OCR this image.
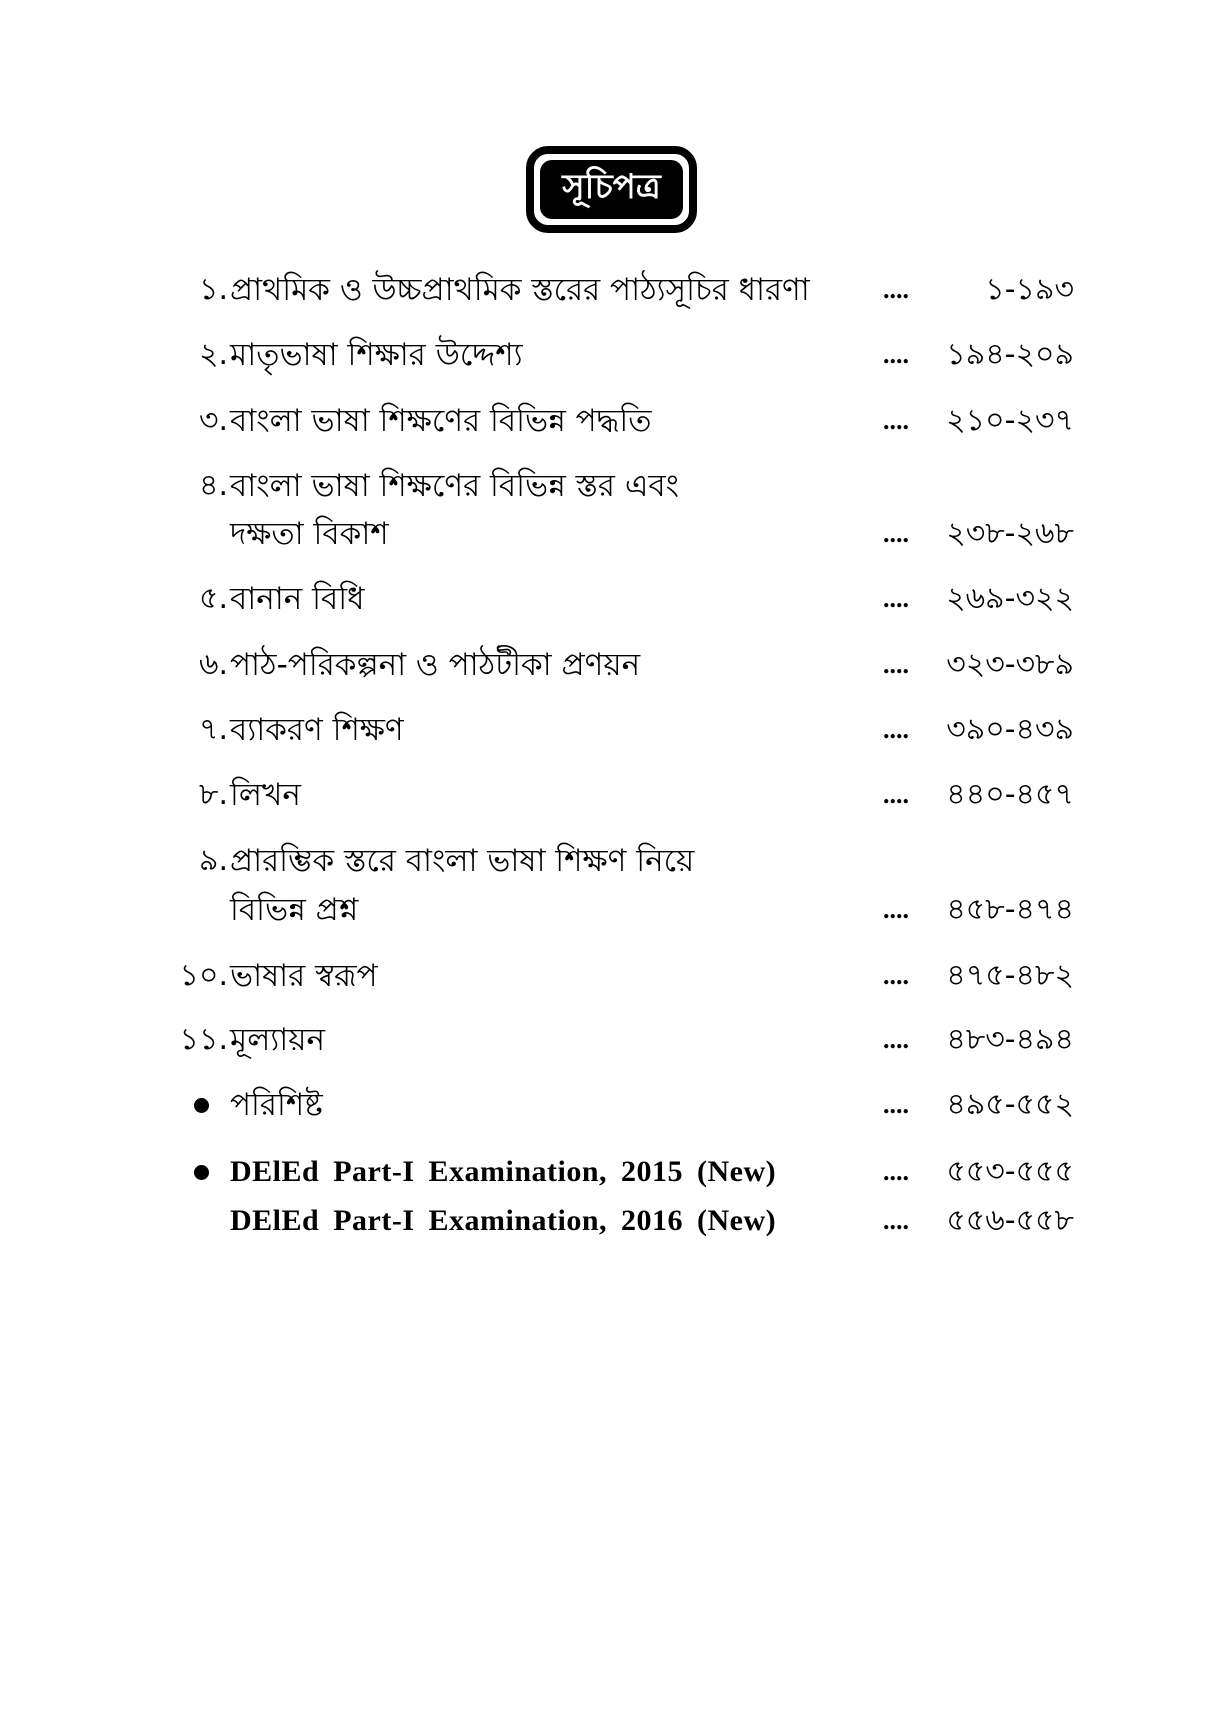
সূচিপত্র
১. প্রাথমিক ও উচ্চপ্রাথমিক স্তরের পাঠ্যসূচির ধারণা	....	১-১৯৩
২. মাতৃভাষা শিক্ষার উদ্দেশ্য	.... ১৯৪-২০৯
৩. বাংলা ভাষা শিক্ষণের বিভিন্ন পদ্ধতি	.... ২১০-২৩৭
৪. বাংলা ভাষা শিক্ষণের বিভিন্ন স্তর এবং
দক্ষতা বিকাশ	.... ২৩৮-২৬৮
৫. বানান বিধি	.... ২৬৯-৩২২
৬. পাঠ-পরিকল্পনা ও পাঠটীকা প্রণয়ন	.... ৩২৩-৩৮৯
৭. ব্যাকরণ শিক্ষণ	.... ৩৯০-৪৩৯
৮. লিখন	.... ৪৪০-৪৫৭
৯. প্রারম্ভিক স্তরে বাংলা ভাষা শিক্ষণ নিয়ে
বিভিন্ন প্রশ্ন	.... ৪৫৮-৪৭৪
১০. ভাষার স্বরূপ	.... ৪৭৫-৪৮২
১১. মূল্যায়ন	.... ৪৮৩-৪৯৪
পরিশিষ্ট	.... ৪৯৫-৫৫২
DElEd Part-I Examination, 2015 (New)	.... ৫৫৩-৫৫৫
DElEd Part-I Examination, 2016 (New)	.... ৫৫৬-৫৫৮
